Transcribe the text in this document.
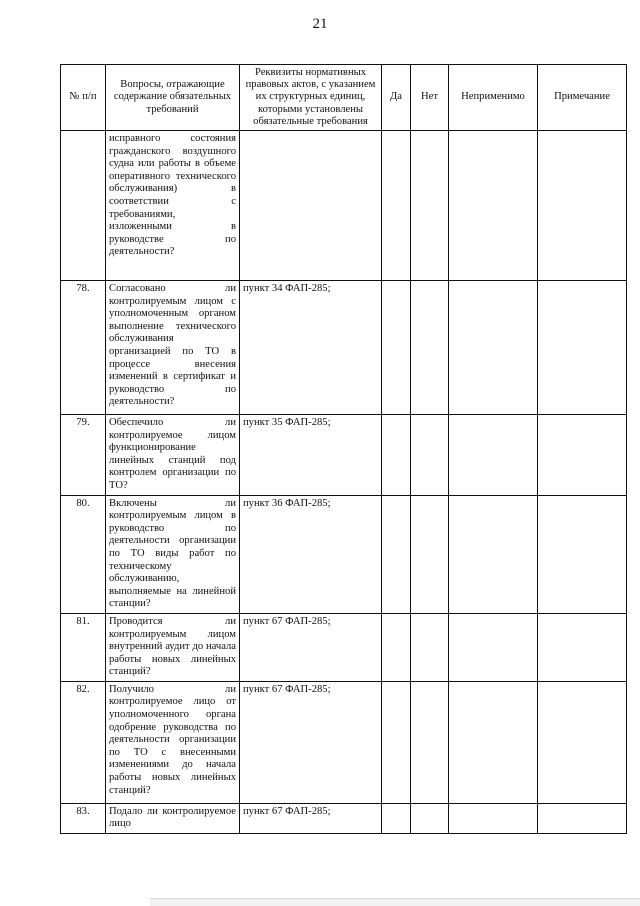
21
№ п/п	Вопросы, отражающие содержание обязательных требований	Реквизиты нормативных правовых актов, с указанием их структурных единиц, которыми установлены обязательные требования	Да	Нет	Неприменимо	Примечание
	исправного состояния гражданского воздушного судна или работы в объеме оперативного технического обслуживания) в соответствии с требованиями, изложенными в руководстве по деятельности?					
78.	Согласовано ли контролируемым лицом с уполномоченным органом выполнение технического обслуживания организацией по ТО в процессе внесения изменений в сертификат и руководство по деятельности?	пункт 34 ФАП-285;				
79.	Обеспечило ли контролируемое лицом функционирование линейных станций под контролем организации по ТО?	пункт 35 ФАП-285;				
80.	Включены ли контролируемым лицом в руководство по деятельности организации по ТО виды работ по техническому обслуживанию, выполняемые на линейной станции?	пункт 36 ФАП-285;				
81.	Проводится ли контролируемым лицом внутренний аудит до начала работы новых линейных станций?	пункт 67 ФАП-285;				
82.	Получило ли контролируемое лицо от уполномоченного органа одобрение руководства по деятельности организации по ТО с внесенными изменениями до начала работы новых линейных станций?	пункт 67 ФАП-285;				
83.	Подало ли контролируемое лицо	пункт 67 ФАП-285;				
